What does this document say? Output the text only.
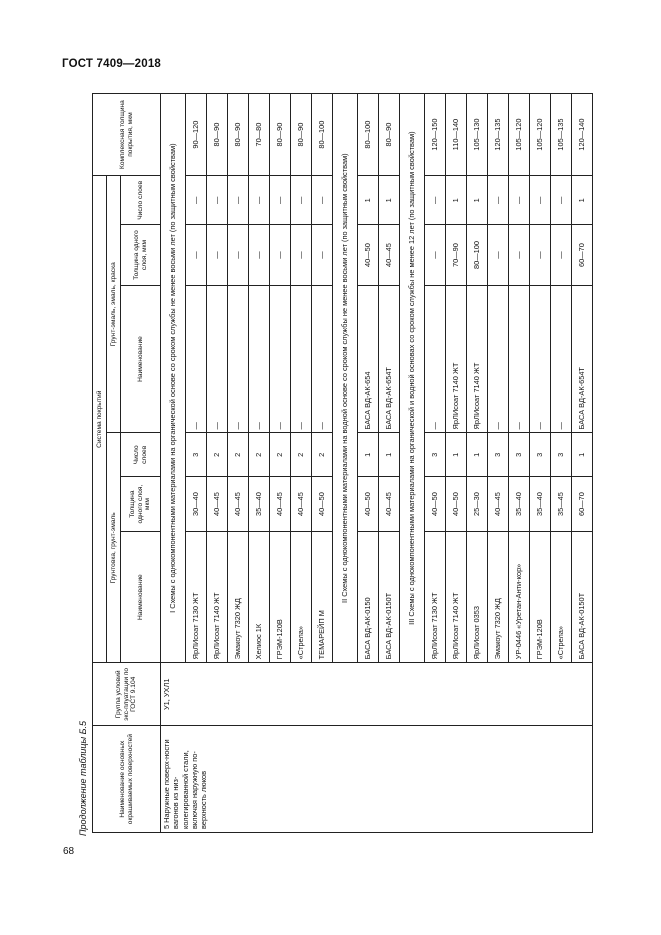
ГОСТ 7409—2018
68
Продолжение таблицы Б.5	Наименование основных окрашиваемых поверхностей	Группа условий экс-плуатации по ГОСТ 9.104	Система покрытий						Комплексная толщина покрытия, мкм
		Грунтовка, грунт-эмаль			Грунт-эмаль, эмаль, краска			
		Наименование	Толщина одного слоя, мкм	Число слоев	Наименование	Толщина одного слоя, мкм	Число слоев	
5 Наружные поверх-ности вагонов из низ-колегированной стали, включая наружную по-верхность люков	У1, УХЛ1	I Схемы с однокомпонентными материалами на органической основе со сроком службы не менее восьми лет (по защитным свойствам)						
		ЯрЛИсоат 7130 ЖТ	30—40	3	—	—	—	90—120
		ЯрЛИсоат 7140 ЖТ	40—45	2	—	—	—	80—90
		Эмакоут 7320 ЖД	40—45	2	—	—	—	80—90
		Хелиос 1К	35—40	2	—	—	—	70—80
		ГРЭМ-120В	40—45	2	—	—	—	80—90
		«Стрела»	40—45	2	—	—	—	80—90
		ТЕМАРЕЙП М	40—50	2	—	—	—	80—100
		II Схемы с однокомпонентными материалами на водной основе со сроком службы не менее восьми лет (по защитным свойствам)						
		БАСА ВД-АК-0150	40—50	1	БАСА ВД-АК-654	40—50	1	80—100
		БАСА ВД-АК-0150Т	40—45	1	БАСА ВД-АК-654Т	40—45	1	80—90
		III Схемы с однокомпонентными материалами на органической и водной основах со сроком службы не менее 12 лет (по защитным свойствам)						
		ЯрЛИсоат 7130 ЖТ	40—50	3	—	—	—	120—150
		ЯрЛИсоат 7140 ЖТ	40—50	1	ЯрЛИсоат 7140 ЖТ	70—90	1	110—140
		ЯрЛИсоат 0353	25—30	1	ЯрЛИсоат 7140 ЖТ	80—100	1	105—130
		Эмакоут 7320 ЖД	40—45	3	—	—	—	120—135
		УР-0446 «Уретан-Анти-кор»	35—40	3	—	—	—	105—120
		ГРЭМ-120В	35—40	3	—	—	—	105—120
		«Стрела»	35—45	3	—	—	—	105—135
		БАСА ВД-АК-0150Т	60—70	1	БАСА ВД-АК-654Т	60—70	1	120—140
